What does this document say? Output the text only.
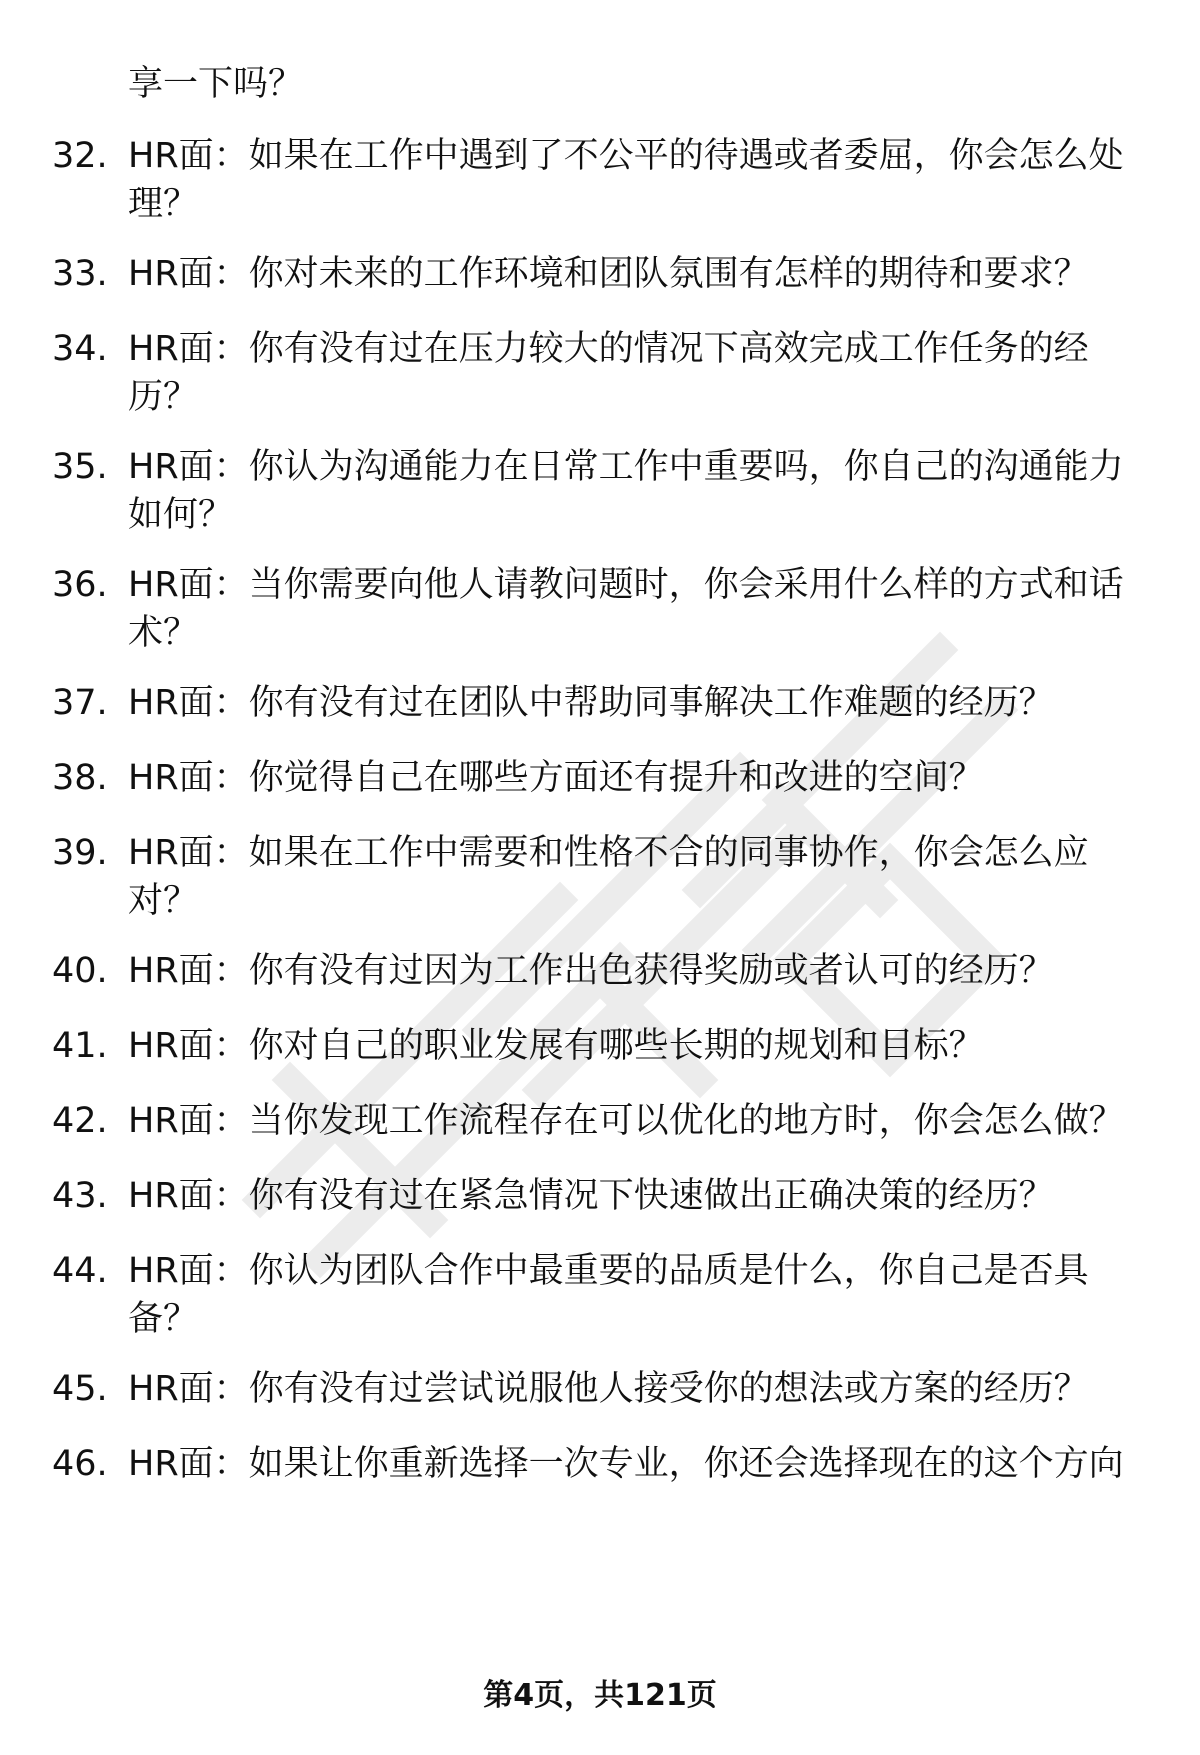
享一下吗？

32. HR面：如果在工作中遇到了不公平的待遇或者委屈，你会怎么处理？
33. HR面：你对未来的工作环境和团队氛围有怎样的期待和要求？
34. HR面：你有没有过在压力较大的情况下高效完成工作任务的经历？
35. HR面：你认为沟通能力在日常工作中重要吗，你自己的沟通能力如何？
36. HR面：当你需要向他人请教问题时，你会采用什么样的方式和话术？
37. HR面：你有没有过在团队中帮助同事解决工作难题的经历？
38. HR面：你觉得自己在哪些方面还有提升和改进的空间？
39. HR面：如果在工作中需要和性格不合的同事协作，你会怎么应对？
40. HR面：你有没有过因为工作出色获得奖励或者认可的经历？
41. HR面：你对自己的职业发展有哪些长期的规划和目标？
42. HR面：当你发现工作流程存在可以优化的地方时，你会怎么做？
43. HR面：你有没有过在紧急情况下快速做出正确决策的经历？
44. HR面：你认为团队合作中最重要的品质是什么，你自己是否具备？
45. HR面：你有没有过尝试说服他人接受你的想法或方案的经历？
46. HR面：如果让你重新选择一次专业，你还会选择现在的这个方向
第4页，共121页
